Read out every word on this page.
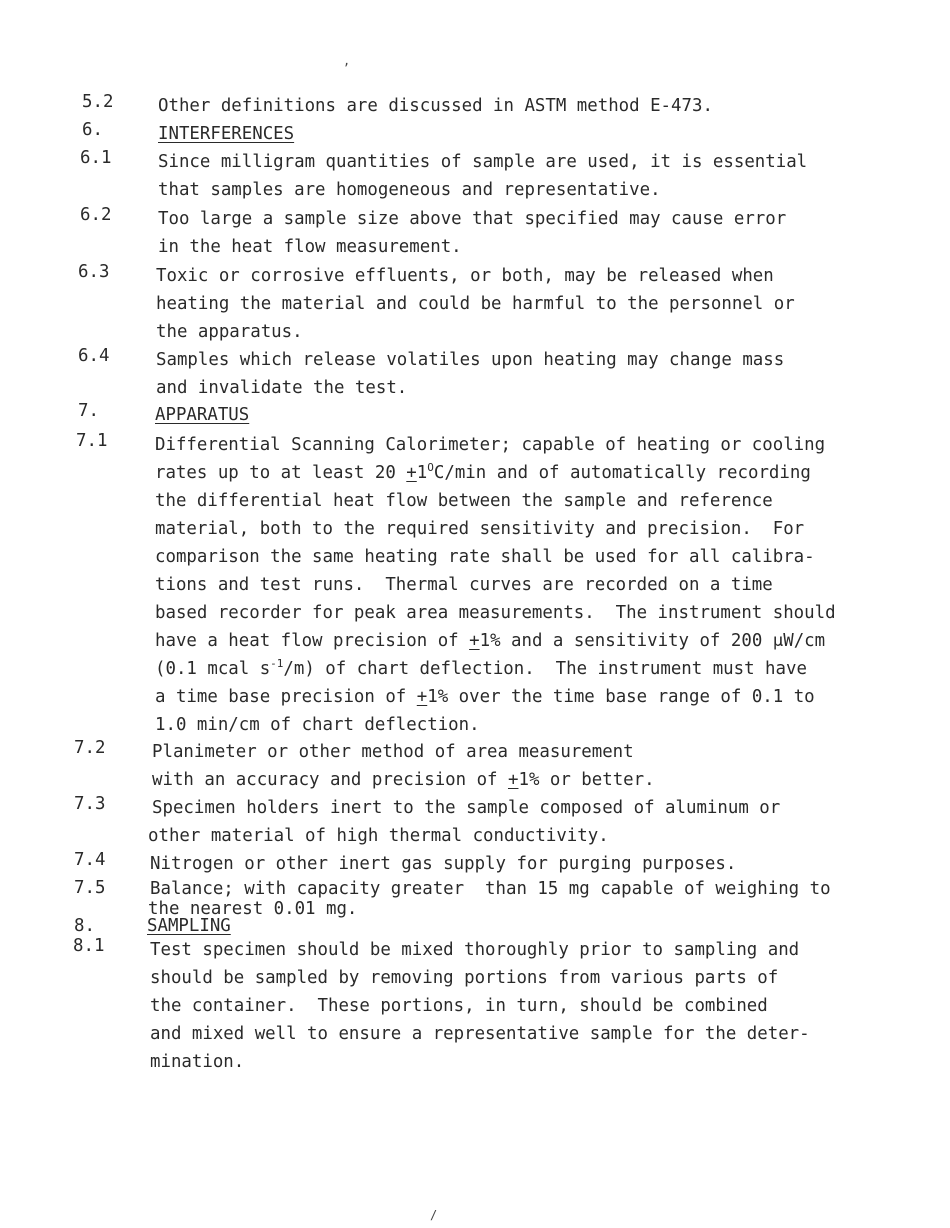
,
5.2	Other definitions are discussed in ASTM method E-473.
6.	INTERFERENCES
6.1	Since milligram quantities of sample are used, it is essential
that samples are homogeneous and representative.
6.2	Too large a sample size above that specified may cause error
in the heat flow measurement.
6.3	Toxic or corrosive effluents, or both, may be released when
heating the material and could be harmful to the personnel or
the apparatus.
6.4	Samples which release volatiles upon heating may change mass
and invalidate the test.
7.	APPARATUS
7.1	Differential Scanning Calorimeter; capable of heating or cooling
rates up to at least $20 +1^OC/\min$ and of automatically recording
the differential heat flow between the sample and reference
material, both to the required sensitivity and precision.  For
comparison the same heating rate shall be used for all calibra-
tions and test runs.  Thermal curves are recorded on a time
based recorder for peak area measurements.  The instrument should
have a heat flow precision of +1% and a sensitivity of 200 μW/cm
(0.1 mcal $s^{-1}/m$) of chart deflection.  The instrument must have
a time base precision of +1% over the time base range of 0.1 to
1.0 min/cm of chart deflection.
7.2	Planimeter or other method of area measurement
with an accuracy and precision of +1% or better.
7.3	Specimen holders inert to the sample composed of aluminum or
other material of high thermal conductivity.
7.4	Nitrogen or other inert gas supply for purging purposes.
7.5	Balance; with capacity greater  than 15 mg capable of weighing to
the nearest 0.01 mg.
8.	SAMPLING
8.1	Test specimen should be mixed thoroughly prior to sampling and
should be sampled by removing portions from various parts of
the container.  These portions, in turn, should be combined
and mixed well to ensure a representative sample for the deter-
mination.
/
